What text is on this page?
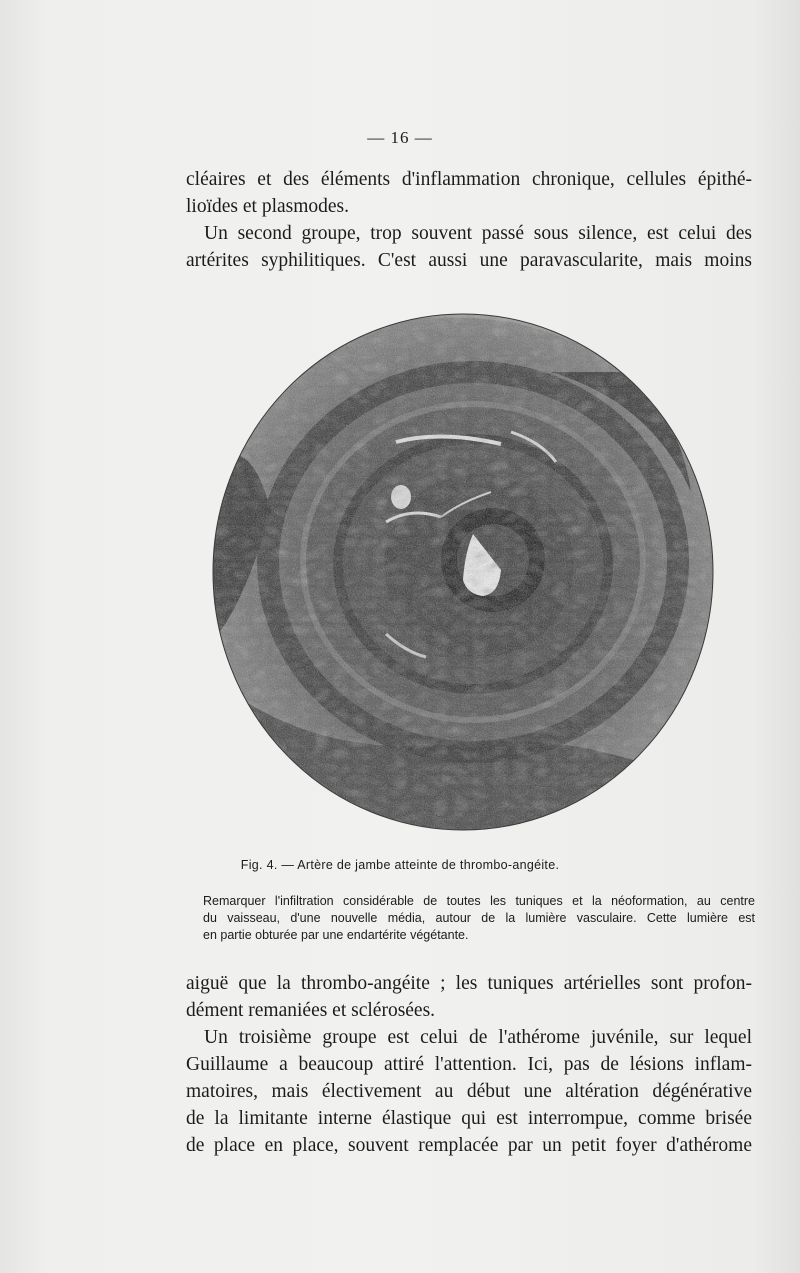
— 16 —

cléaires et des éléments d'inflammation chronique, cellules épithé-
lioïdes et plasmodes.
Un second groupe, trop souvent passé sous silence, est celui des
artérites syphilitiques. C'est aussi une paravascularite, mais moins

Fig. 4. — Artère de jambe atteinte de thrombo-angéite.
Remarquer l'infiltration considérable de toutes les tuniques et la néoformation, au centre
du vaisseau, d'une nouvelle média, autour de la lumière vasculaire. Cette lumière est
en partie obturée par une endartérite végétante.

aiguë que la thrombo-angéite ; les tuniques artérielles sont profon-
dément remaniées et sclérosées.
Un troisième groupe est celui de l'athérome juvénile, sur lequel
Guillaume a beaucoup attiré l'attention. Ici, pas de lésions inflam-
matoires, mais électivement au début une altération dégénérative
de la limitante interne élastique qui est interrompue, comme brisée
de place en place, souvent remplacée par un petit foyer d'athérome
